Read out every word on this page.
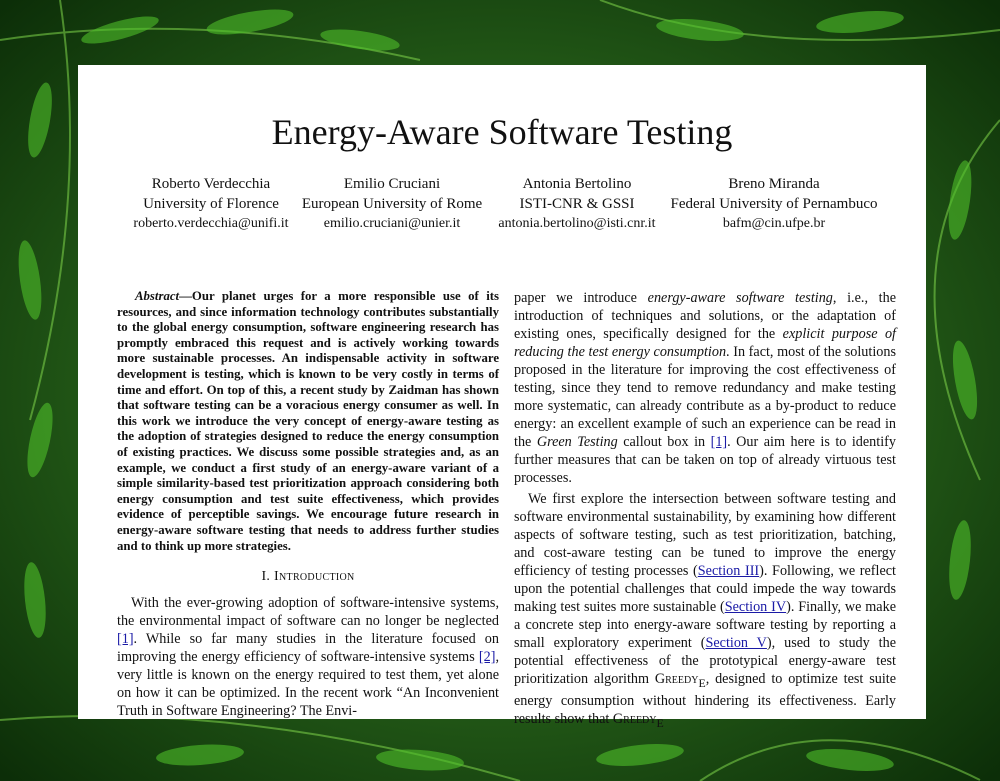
Energy-Aware Software Testing
Roberto Verdecchia
University of Florence
roberto.verdecchia@unifi.it
Emilio Cruciani
European University of Rome
emilio.cruciani@unier.it
Antonia Bertolino
ISTI-CNR & GSSI
antonia.bertolino@isti.cnr.it
Breno Miranda
Federal University of Pernambuco
bafm@cin.ufpe.br

Abstract—Our planet urges for a more responsible use of its resources, and since information technology contributes substantially to the global energy consumption, software engineering research has promptly embraced this request and is actively working towards more sustainable processes. An indispensable activity in software development is testing, which is known to be very costly in terms of time and effort. On top of this, a recent study by Zaidman has shown that software testing can be a voracious energy consumer as well. In this work we introduce the very concept of energy-aware testing as the adoption of strategies designed to reduce the energy consumption of existing practices. We discuss some possible strategies and, as an example, we conduct a first study of an energy-aware variant of a simple similarity-based test prioritization approach considering both energy consumption and test suite effectiveness, which provides evidence of perceptible savings. We encourage future research in energy-aware software testing that needs to address further studies and to think up more strategies.

I. Introduction

With the ever-growing adoption of software-intensive systems, the environmental impact of software can no longer be neglected [1]. While so far many studies in the literature focused on improving the energy efficiency of software-intensive systems [2], very little is known on the energy required to test them, yet alone on how it can be optimized. In the recent work “An Inconvenient Truth in Software Engineering? The Envi-

paper we introduce energy-aware software testing, i.e., the introduction of techniques and solutions, or the adaptation of existing ones, specifically designed for the explicit purpose of reducing the test energy consumption. In fact, most of the solutions proposed in the literature for improving the cost effectiveness of testing, since they tend to remove redundancy and make testing more systematic, can already contribute as a by-product to reduce energy: an excellent example of such an experience can be read in the Green Testing callout box in [1]. Our aim here is to identify further measures that can be taken on top of already virtuous test processes.

We first explore the intersection between software testing and software environmental sustainability, by examining how different aspects of software testing, such as test prioritization, batching, and cost-aware testing can be tuned to improve the energy efficiency of testing processes (Section III). Following, we reflect upon the potential challenges that could impede the way towards making test suites more sustainable (Section IV). Finally, we make a concrete step into energy-aware software testing by reporting a small exploratory experiment (Section V), used to study the potential effectiveness of the prototypical energy-aware test prioritization algorithm Greedy$_E$, designed to optimize test suite energy consumption without hindering its effectiveness. Early results show that Greedy$_E$
